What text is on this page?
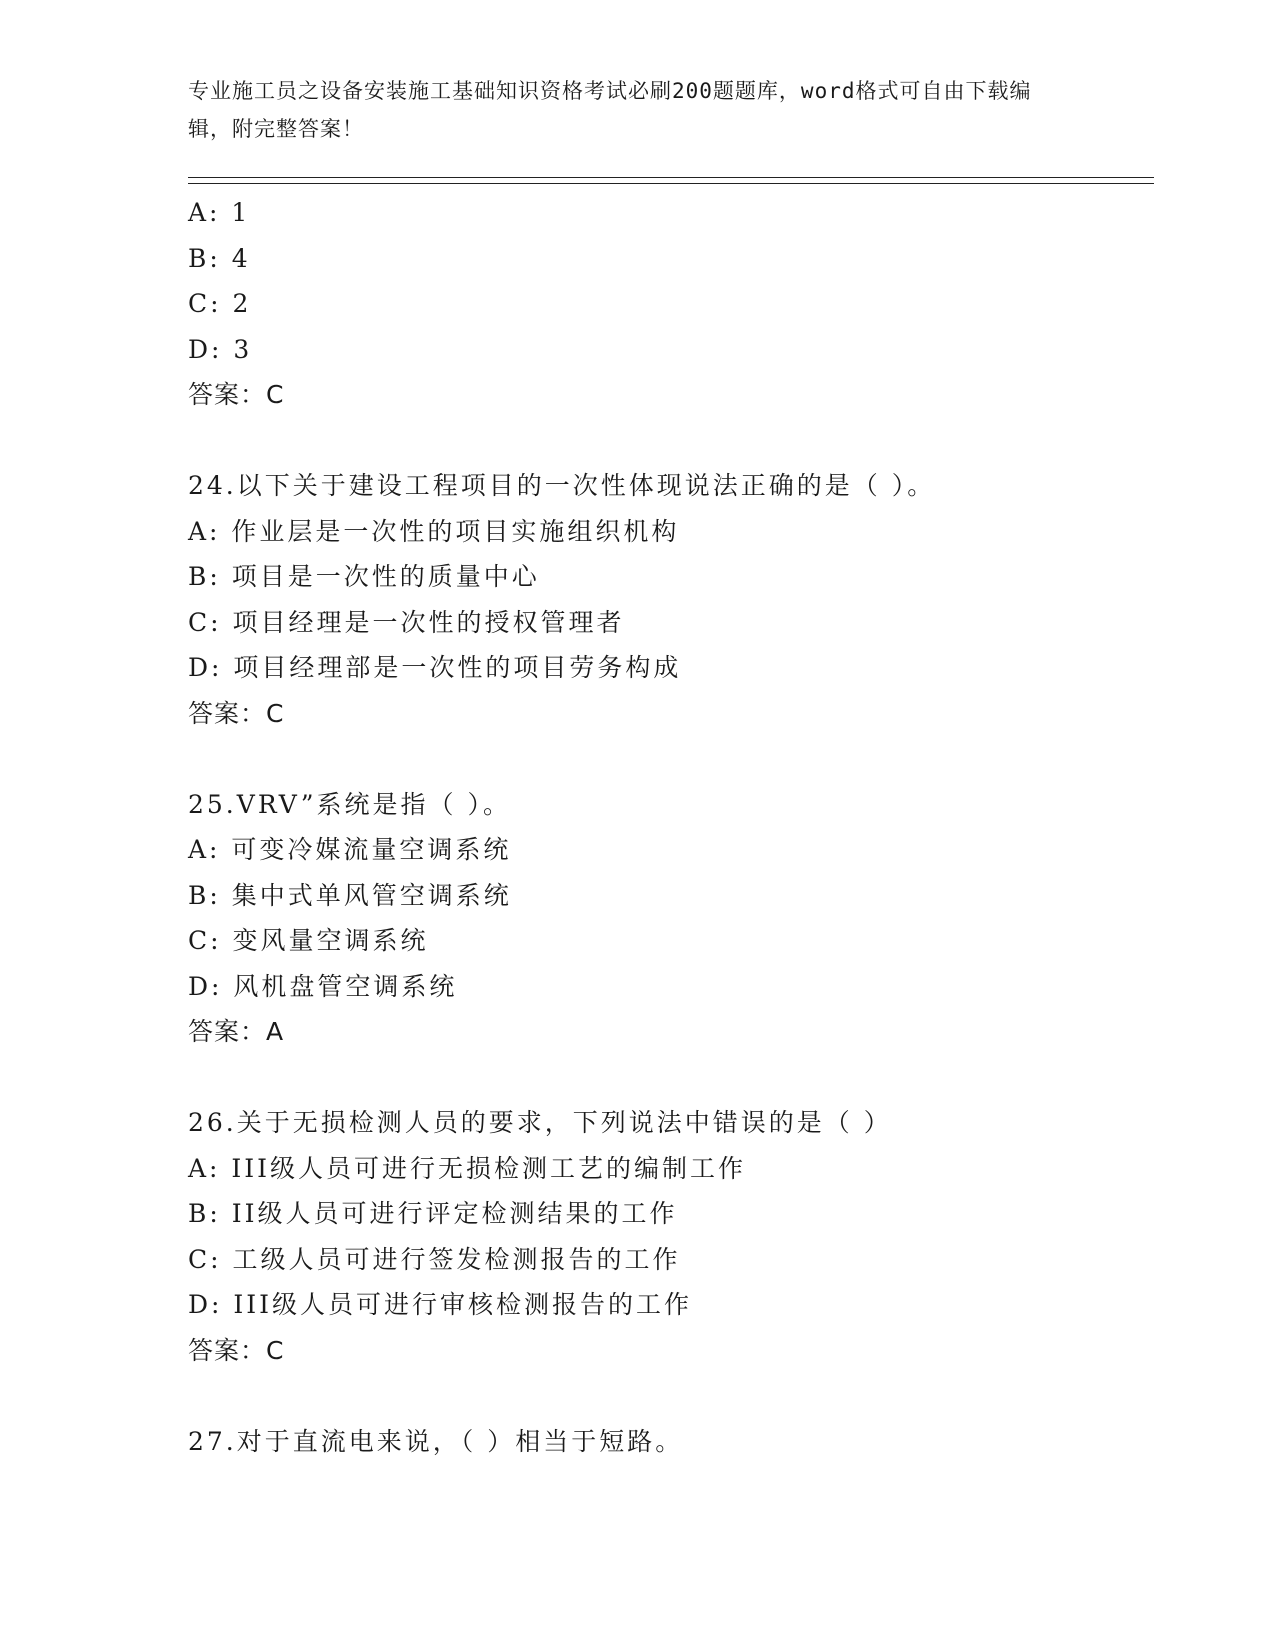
专业施工员之设备安装施工基础知识资格考试必刷200题题库，word格式可自由下载编辑，附完整答案！
A: 1
B: 4
C: 2
D: 3
答案：C
24.以下关于建设工程项目的一次性体现说法正确的是（ ）。
A: 作业层是一次性的项目实施组织机构
B: 项目是一次性的质量中心
C: 项目经理是一次性的授权管理者
D: 项目经理部是一次性的项目劳务构成
答案：C
25.VRV”系统是指（ ）。
A: 可变冷媒流量空调系统
B: 集中式单风管空调系统
C: 变风量空调系统
D: 风机盘管空调系统
答案：A
26.关于无损检测人员的要求，下列说法中错误的是（ ）
A: III级人员可进行无损检测工艺的编制工作
B: II级人员可进行评定检测结果的工作
C: 工级人员可进行签发检测报告的工作
D: III级人员可进行审核检测报告的工作
答案：C
27.对于直流电来说，（ ）相当于短路。
